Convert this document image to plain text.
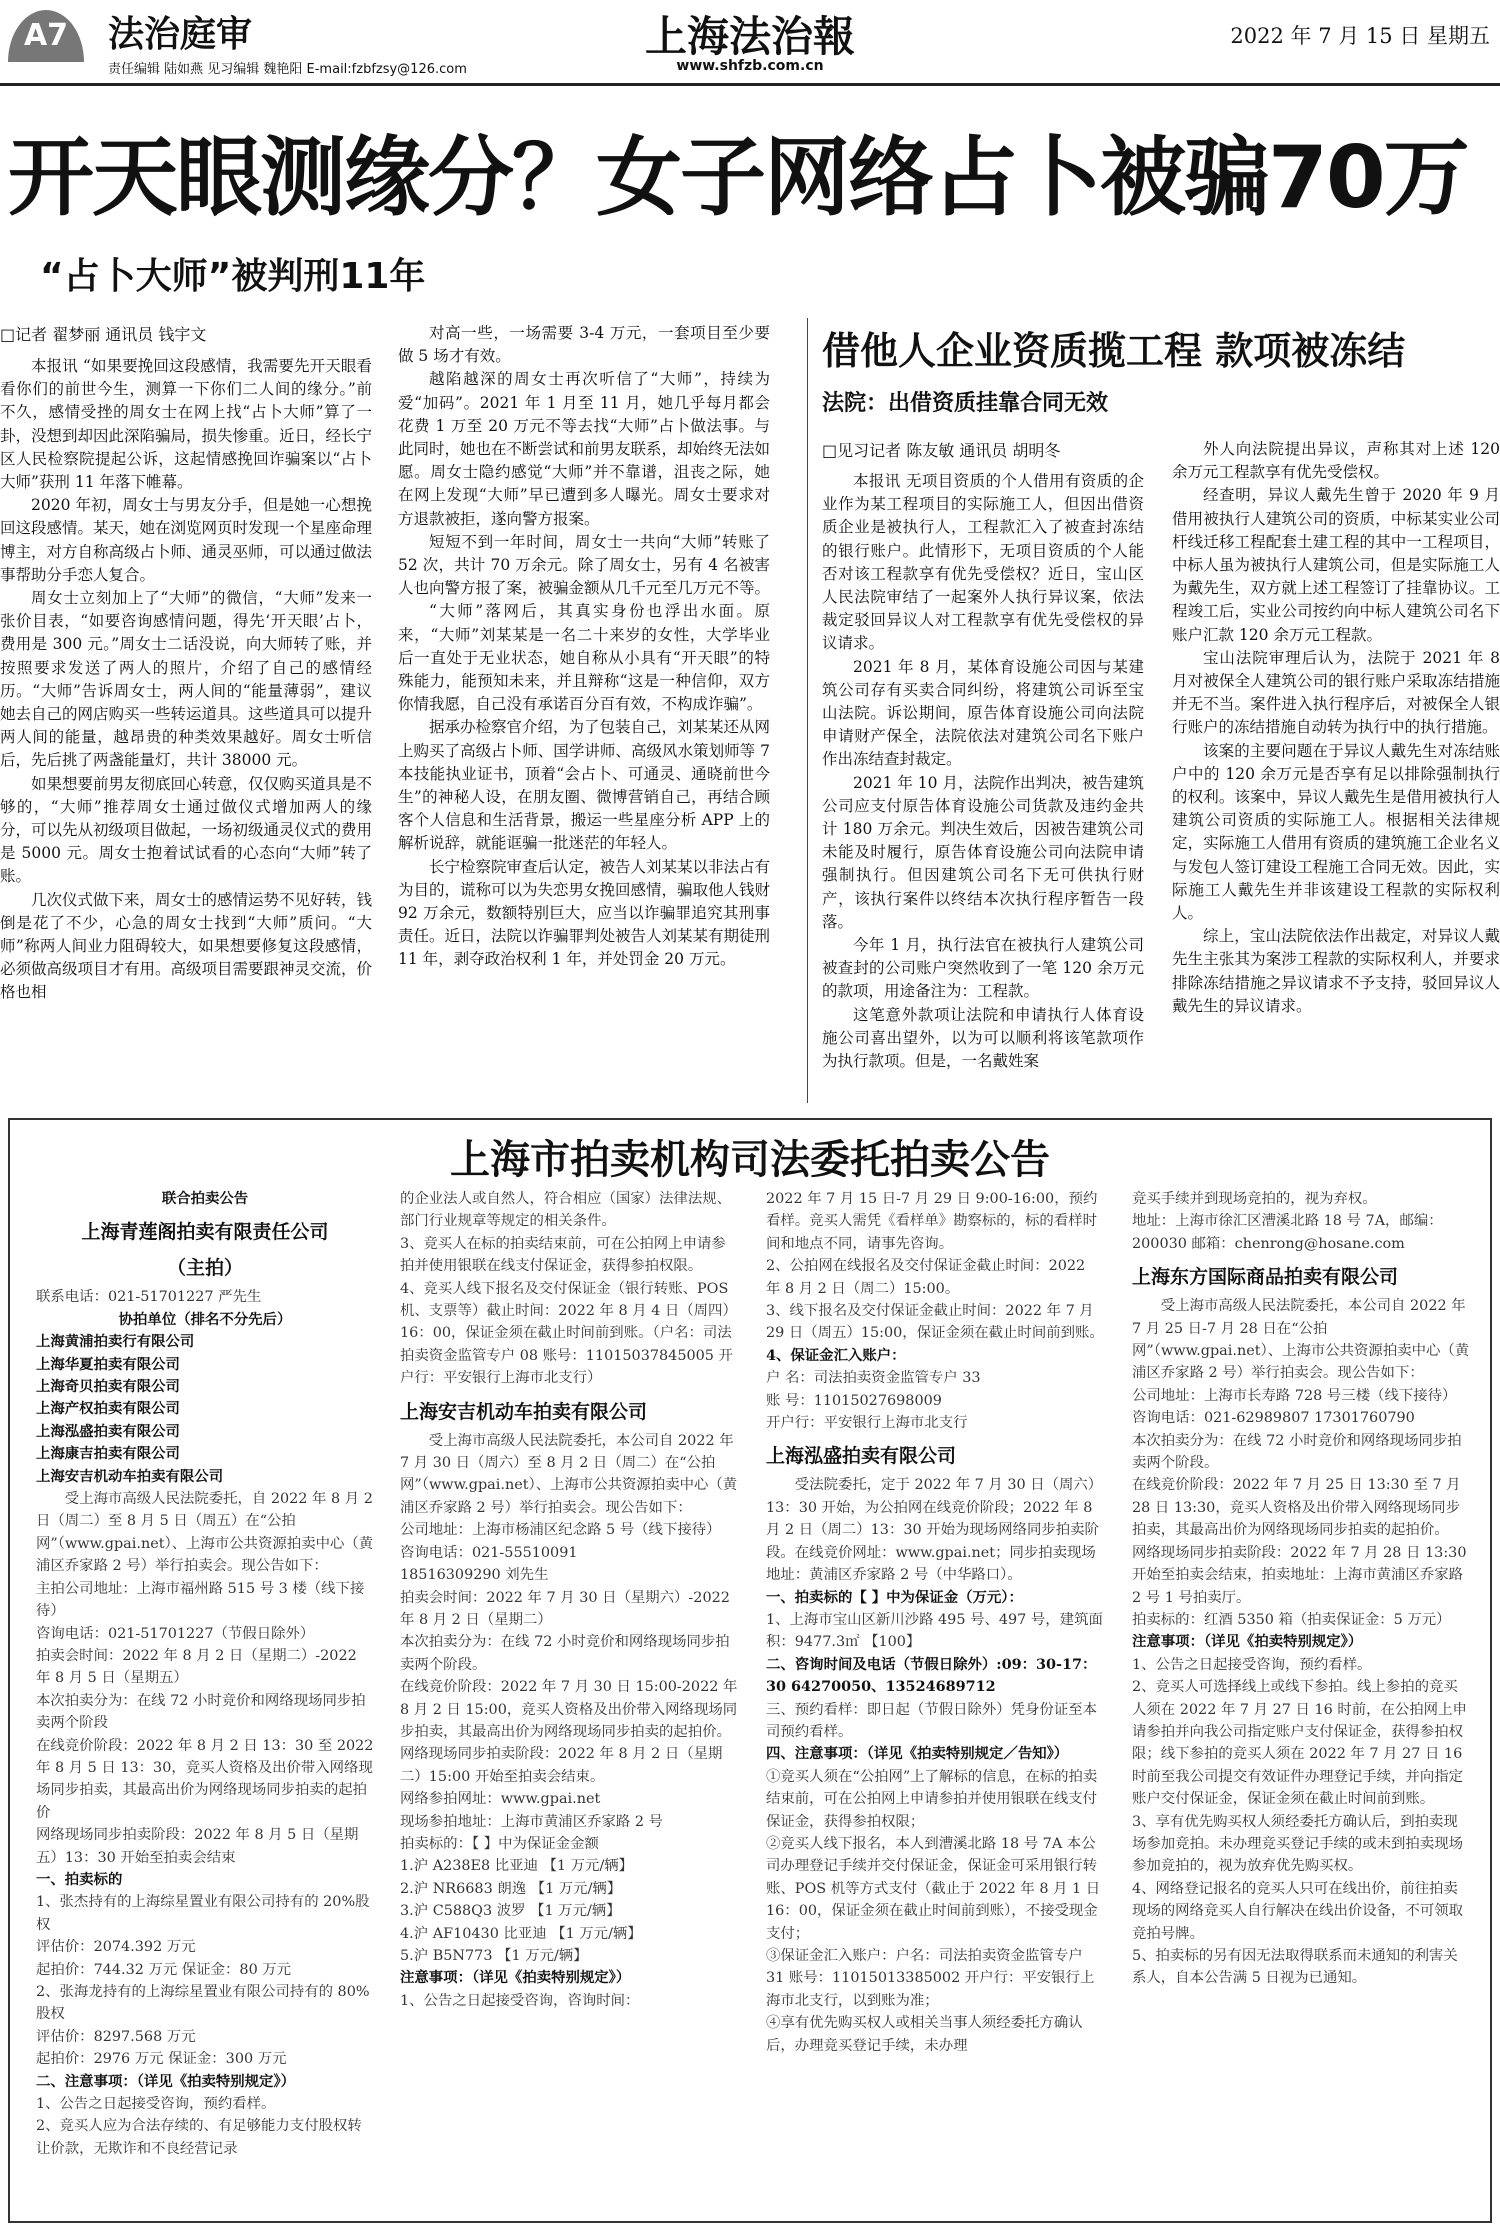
A7	法治庭审
责任编辑 陆如燕 见习编辑 魏艳阳 E-mail:fzbfzsy@126.com
上海法治報
www.shfzb.com.cn
2022 年 7 月 15 日 星期五
开天眼测缘分？女子网络占卜被骗70万
“占卜大师”被判刑11年
□记者 翟梦丽 通讯员 钱宇文

本报讯 “如果要挽回这段感情，我需要先开天眼看看你们的前世今生，测算一下你们二人间的缘分。”前不久，感情受挫的周女士在网上找“占卜大师”算了一卦，没想到却因此深陷骗局，损失惨重。近日，经长宁区人民检察院提起公诉，这起情感挽回诈骗案以“占卜大师”获刑 11 年落下帷幕。

2020 年初，周女士与男友分手，但是她一心想挽回这段感情。某天，她在浏览网页时发现一个星座命理博主，对方自称高级占卜师、通灵巫师，可以通过做法事帮助分手恋人复合。

周女士立刻加上了“大师”的微信，“大师”发来一张价目表，“如要咨询感情问题，得先‘开天眼’占卜，费用是 300 元。”周女士二话没说，向大师转了账，并按照要求发送了两人的照片，介绍了自己的感情经历。“大师”告诉周女士，两人间的“能量薄弱”，建议她去自己的网店购买一些转运道具。这些道具可以提升两人间的能量，越昂贵的种类效果越好。周女士听信后，先后挑了两盏能量灯，共计 38000 元。

如果想要前男友彻底回心转意，仅仅购买道具是不够的，“大师”推荐周女士通过做仪式增加两人的缘分，可以先从初级项目做起，一场初级通灵仪式的费用是 5000 元。周女士抱着试试看的心态向“大师”转了账。

几次仪式做下来，周女士的感情运势不见好转，钱倒是花了不少，心急的周女士找到“大师”质问。“大师”称两人间业力阻碍较大，如果想要修复这段感情，必须做高级项目才有用。高级项目需要跟神灵交流，价格也相

对高一些，一场需要 3-4 万元，一套项目至少要做 5 场才有效。

越陷越深的周女士再次听信了“大师”，持续为爱“加码”。2021 年 1 月至 11 月，她几乎每月都会花费 1 万至 20 万元不等去找“大师”占卜做法事。与此同时，她也在不断尝试和前男友联系，却始终无法如愿。周女士隐约感觉“大师”并不靠谱，沮丧之际，她在网上发现“大师”早已遭到多人曝光。周女士要求对方退款被拒，遂向警方报案。

短短不到一年时间，周女士一共向“大师”转账了 52 次，共计 70 万余元。除了周女士，另有 4 名被害人也向警方报了案，被骗金额从几千元至几万元不等。

“大师”落网后，其真实身份也浮出水面。原来，“大师”刘某某是一名二十来岁的女性，大学毕业后一直处于无业状态，她自称从小具有“开天眼”的特殊能力，能预知未来，并且辩称“这是一种信仰，双方你情我愿，自己没有承诺百分百有效，不构成诈骗”。

据承办检察官介绍，为了包装自己，刘某某还从网上购买了高级占卜师、国学讲师、高级风水策划师等 7 本技能执业证书，顶着“会占卜、可通灵、通晓前世今生”的神秘人设，在朋友圈、微博营销自己，再结合顾客个人信息和生活背景，搬运一些星座分析 APP 上的解析说辞，就能诓骗一批迷茫的年轻人。

长宁检察院审查后认定，被告人刘某某以非法占有为目的，谎称可以为失恋男女挽回感情，骗取他人钱财 92 万余元，数额特别巨大，应当以诈骗罪追究其刑事责任。近日，法院以诈骗罪判处被告人刘某某有期徒刑 11 年，剥夺政治权利 1 年，并处罚金 20 万元。

借他人企业资质揽工程 款项被冻结
法院：出借资质挂靠合同无效
□见习记者 陈友敏 通讯员 胡明冬

本报讯 无项目资质的个人借用有资质的企业作为某工程项目的实际施工人，但因出借资质企业是被执行人，工程款汇入了被查封冻结的银行账户。此情形下，无项目资质的个人能否对该工程款享有优先受偿权？近日，宝山区人民法院审结了一起案外人执行异议案，依法裁定驳回异议人对工程款享有优先受偿权的异议请求。

2021 年 8 月，某体育设施公司因与某建筑公司存有买卖合同纠纷，将建筑公司诉至宝山法院。诉讼期间，原告体育设施公司向法院申请财产保全，法院依法对建筑公司名下账户作出冻结查封裁定。

2021 年 10 月，法院作出判决，被告建筑公司应支付原告体育设施公司货款及违约金共计 180 万余元。判决生效后，因被告建筑公司未能及时履行，原告体育设施公司向法院申请强制执行。但因建筑公司名下无可供执行财产，该执行案件以终结本次执行程序暂告一段落。

今年 1 月，执行法官在被执行人建筑公司被查封的公司账户突然收到了一笔 120 余万元的款项，用途备注为：工程款。

这笔意外款项让法院和申请执行人体育设施公司喜出望外，以为可以顺利将该笔款项作为执行款项。但是，一名戴姓案

外人向法院提出异议，声称其对上述 120 余万元工程款享有优先受偿权。

经查明，异议人戴先生曾于 2020 年 9 月借用被执行人建筑公司的资质，中标某实业公司杆线迁移工程配套土建工程的其中一工程项目，中标人虽为被执行人建筑公司，但是实际施工人为戴先生，双方就上述工程签订了挂靠协议。工程竣工后，实业公司按约向中标人建筑公司名下账户汇款 120 余万元工程款。

宝山法院审理后认为，法院于 2021 年 8 月对被保全人建筑公司的银行账户采取冻结措施并无不当。案件进入执行程序后，对被保全人银行账户的冻结措施自动转为执行中的执行措施。

该案的主要问题在于异议人戴先生对冻结账户中的 120 余万元是否享有足以排除强制执行的权利。该案中，异议人戴先生是借用被执行人建筑公司资质的实际施工人。根据相关法律规定，实际施工人借用有资质的建筑施工企业名义与发包人签订建设工程施工合同无效。因此，实际施工人戴先生并非该建设工程款的实际权利人。

综上，宝山法院依法作出裁定，对异议人戴先生主张其为案涉工程款的实际权利人，并要求排除冻结措施之异议请求不予支持，驳回异议人戴先生的异议请求。

上海市拍卖机构司法委托拍卖公告
联合拍卖公告
上海青莲阁拍卖有限责任公司
（主拍）
联系电话：021-51701227 严先生
协拍单位（排名不分先后）
上海黄浦拍卖行有限公司
上海华夏拍卖有限公司
上海奇贝拍卖有限公司
上海产权拍卖有限公司
上海泓盛拍卖有限公司
上海康吉拍卖有限公司
上海安吉机动车拍卖有限公司
受上海市高级人民法院委托，自 2022 年 8 月 2 日（周二）至 8 月 5 日（周五）在“公拍网”（www.gpai.net）、上海市公共资源拍卖中心（黄浦区乔家路 2 号）举行拍卖会。现公告如下：
主拍公司地址：上海市福州路 515 号 3 楼（线下接待）
咨询电话：021-51701227（节假日除外）
拍卖会时间：2022 年 8 月 2 日（星期二）-2022 年 8 月 5 日（星期五）
本次拍卖分为：在线 72 小时竞价和网络现场同步拍卖两个阶段
在线竞价阶段：2022 年 8 月 2 日 13：30 至 2022 年 8 月 5 日 13：30，竞买人资格及出价带入网络现场同步拍卖，其最高出价为网络现场同步拍卖的起拍价
网络现场同步拍卖阶段：2022 年 8 月 5 日（星期五）13：30 开始至拍卖会结束
一、拍卖标的
1、张杰持有的上海综星置业有限公司持有的 20%股权
评估价：2074.392 万元
起拍价：744.32 万元 保证金：80 万元
2、张海龙持有的上海综星置业有限公司持有的 80%股权
评估价：8297.568 万元
起拍价：2976 万元 保证金：300 万元
二、注意事项：（详见《拍卖特别规定》）
1、公告之日起接受咨询，预约看样。
2、竞买人应为合法存续的、有足够能力支付股权转让价款，无欺诈和不良经营记录
的企业法人或自然人，符合相应（国家）法律法规、部门行业规章等规定的相关条件。
3、竞买人在标的拍卖结束前，可在公拍网上申请参拍并使用银联在线支付保证金，获得参拍权限。
4、竞买人线下报名及交付保证金（银行转账、POS 机、支票等）截止时间：2022 年 8 月 4 日（周四）16：00，保证金须在截止时间前到账。（户名：司法拍卖资金监管专户 08 账号：11015037845005 开户行：平安银行上海市北支行）
上海安吉机动车拍卖有限公司
受上海市高级人民法院委托，本公司自 2022 年 7 月 30 日（周六）至 8 月 2 日（周二）在“公拍网”（www.gpai.net）、上海市公共资源拍卖中心（黄浦区乔家路 2 号）举行拍卖会。现公告如下：
公司地址：上海市杨浦区纪念路 5 号（线下接待）
咨询电话：021-55510091
18516309290 刘先生
拍卖会时间：2022 年 7 月 30 日（星期六）-2022 年 8 月 2 日（星期二）
本次拍卖分为：在线 72 小时竞价和网络现场同步拍卖两个阶段。
在线竞价阶段：2022 年 7 月 30 日 15:00-2022 年 8 月 2 日 15:00，竞买人资格及出价带入网络现场同步拍卖，其最高出价为网络现场同步拍卖的起拍价。
网络现场同步拍卖阶段：2022 年 8 月 2 日（星期二）15:00 开始至拍卖会结束。
网络参拍网址：www.gpai.net
现场参拍地址：上海市黄浦区乔家路 2 号
拍卖标的：【 】中为保证金金额
1.沪 A238E8 比亚迪 【1 万元/辆】
2.沪 NR6683 朗逸 【1 万元/辆】
3.沪 C588Q3 波罗 【1 万元/辆】
4.沪 AF10430 比亚迪 【1 万元/辆】
5.沪 B5N773 【1 万元/辆】
注意事项：（详见《拍卖特别规定》）
1、公告之日起接受咨询，咨询时间：
2022 年 7 月 15 日-7 月 29 日 9:00-16:00，预约看样。竞买人需凭《看样单》勘察标的，标的看样时间和地点不同，请事先咨询。
2、公拍网在线报名及交付保证金截止时间：2022 年 8 月 2 日（周二）15:00。
3、线下报名及交付保证金截止时间：2022 年 7 月 29 日（周五）15:00，保证金须在截止时间前到账。
4、保证金汇入账户：
户 名：司法拍卖资金监管专户 33
账 号：11015027698009
开户行：平安银行上海市北支行
上海泓盛拍卖有限公司
受法院委托，定于 2022 年 7 月 30 日（周六）13：30 开始，为公拍网在线竞价阶段；2022 年 8 月 2 日（周二）13：30 开始为现场网络同步拍卖阶段。在线竞价网址：www.gpai.net；同步拍卖现场地址：黄浦区乔家路 2 号（中华路口）。
一、拍卖标的【 】中为保证金（万元）：
1、上海市宝山区新川沙路 495 号、497 号，建筑面积：9477.3㎡ 【100】
二、咨询时间及电话（节假日除外）:09：30-17：30 64270050、13524689712
三、预约看样：即日起（节假日除外）凭身份证至本司预约看样。
四、注意事项：（详见《拍卖特别规定／告知》）
①竞买人须在“公拍网”上了解标的信息，在标的拍卖结束前，可在公拍网上申请参拍并使用银联在线支付保证金，获得参拍权限；
②竞买人线下报名，本人到漕溪北路 18 号 7A 本公司办理登记手续并交付保证金，保证金可采用银行转账、POS 机等方式支付（截止于 2022 年 8 月 1 日 16：00，保证金须在截止时间前到账），不接受现金支付；
③保证金汇入账户：户名：司法拍卖资金监管专户 31 账号：11015013385002 开户行：平安银行上海市北支行，以到账为准；
④享有优先购买权人或相关当事人须经委托方确认后，办理竞买登记手续，未办理
竞买手续并到现场竞拍的，视为弃权。
地址：上海市徐汇区漕溪北路 18 号 7A，邮编：200030 邮箱：chenrong@hosane.com
上海东方国际商品拍卖有限公司
受上海市高级人民法院委托，本公司自 2022 年 7 月 25 日-7 月 28 日在“公拍网”（www.gpai.net）、上海市公共资源拍卖中心（黄浦区乔家路 2 号）举行拍卖会。现公告如下：
公司地址：上海市长寿路 728 号三楼（线下接待）
咨询电话：021-62989807 17301760790
本次拍卖分为：在线 72 小时竞价和网络现场同步拍卖两个阶段。
在线竞价阶段：2022 年 7 月 25 日 13:30 至 7 月 28 日 13:30，竞买人资格及出价带入网络现场同步拍卖，其最高出价为网络现场同步拍卖的起拍价。
网络现场同步拍卖阶段：2022 年 7 月 28 日 13:30 开始至拍卖会结束，拍卖地址：上海市黄浦区乔家路 2 号 1 号拍卖厅。
拍卖标的：红酒 5350 箱（拍卖保证金：5 万元）
注意事项：（详见《拍卖特别规定》）
1、公告之日起接受咨询，预约看样。
2、竞买人可选择线上或线下参拍。线上参拍的竞买人须在 2022 年 7 月 27 日 16 时前，在公拍网上申请参拍并向我公司指定账户支付保证金，获得参拍权限；线下参拍的竞买人须在 2022 年 7 月 27 日 16 时前至我公司提交有效证件办理登记手续，并向指定账户交付保证金，保证金须在截止时间前到账。
3、享有优先购买权人须经委托方确认后，到拍卖现场参加竞拍。未办理竞买登记手续的或未到拍卖现场参加竞拍的，视为放弃优先购买权。
4、网络登记报名的竞买人只可在线出价，前往拍卖现场的网络竞买人自行解决在线出价设备，不可领取竞拍号牌。
5、拍卖标的另有因无法取得联系而未通知的利害关系人，自本公告满 5 日视为已通知。
